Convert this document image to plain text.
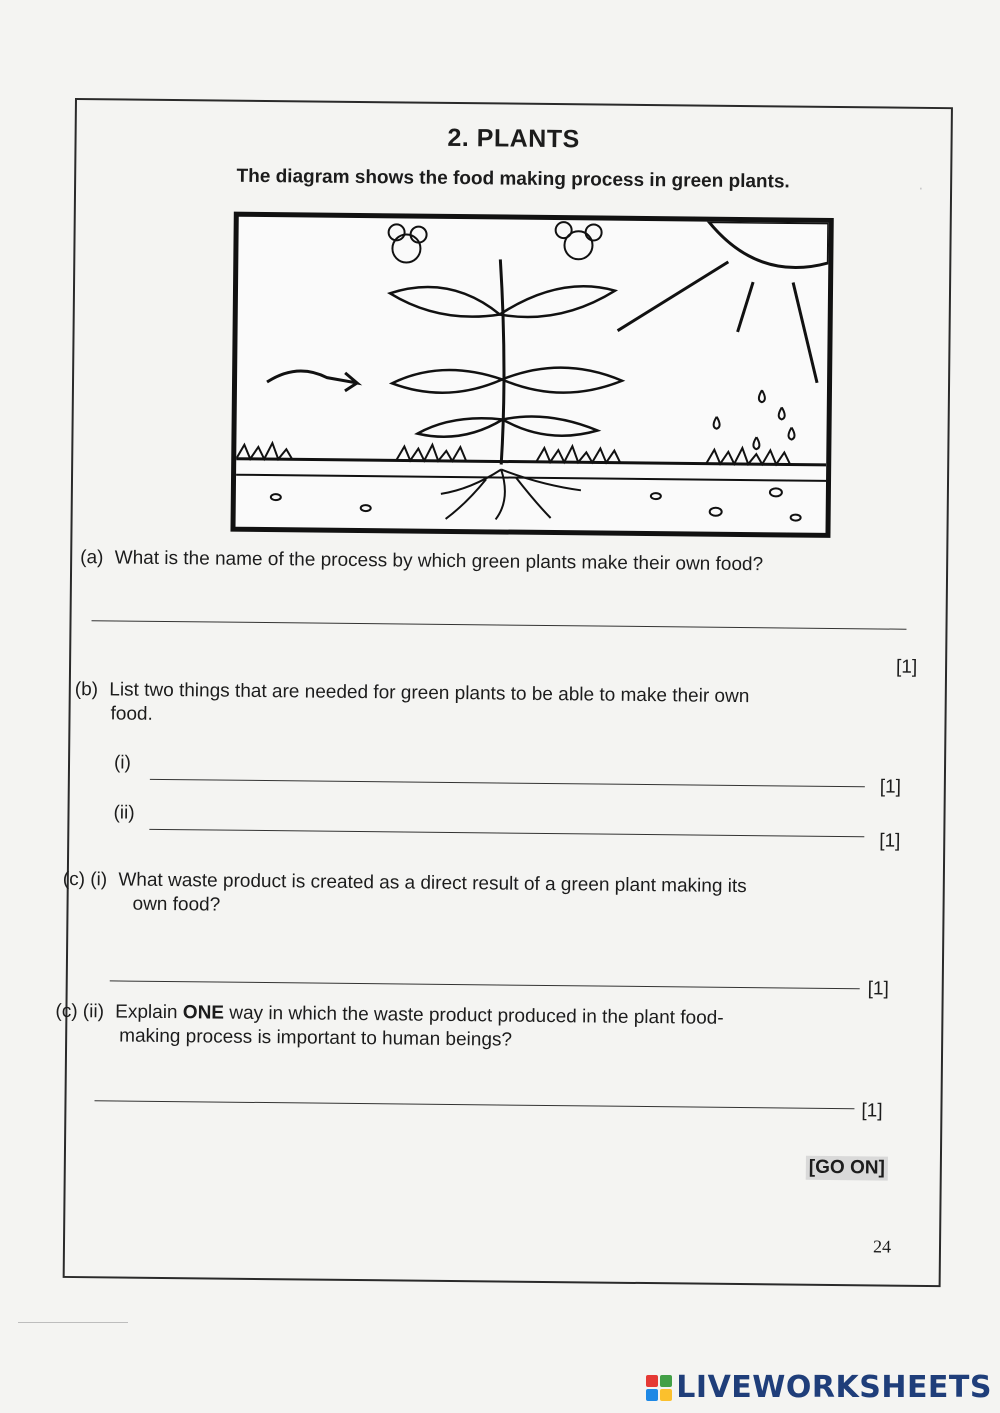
·
2. PLANTS
The diagram shows the food making process in green plants.
(a) What is the name of the process by which green plants make their own food?
[1]
(b) List two things that are needed for green plants to be able to make their own
food.
(i)
[1]
(ii)
[1]
(c) (i) What waste product is created as a direct result of a green plant making its
own food?
[1]
(c) (ii) Explain ONE way in which the waste product produced in the plant food-
making process is important to human beings?
[1]
[GO ON]
24
LIVEWORKSHEETS
